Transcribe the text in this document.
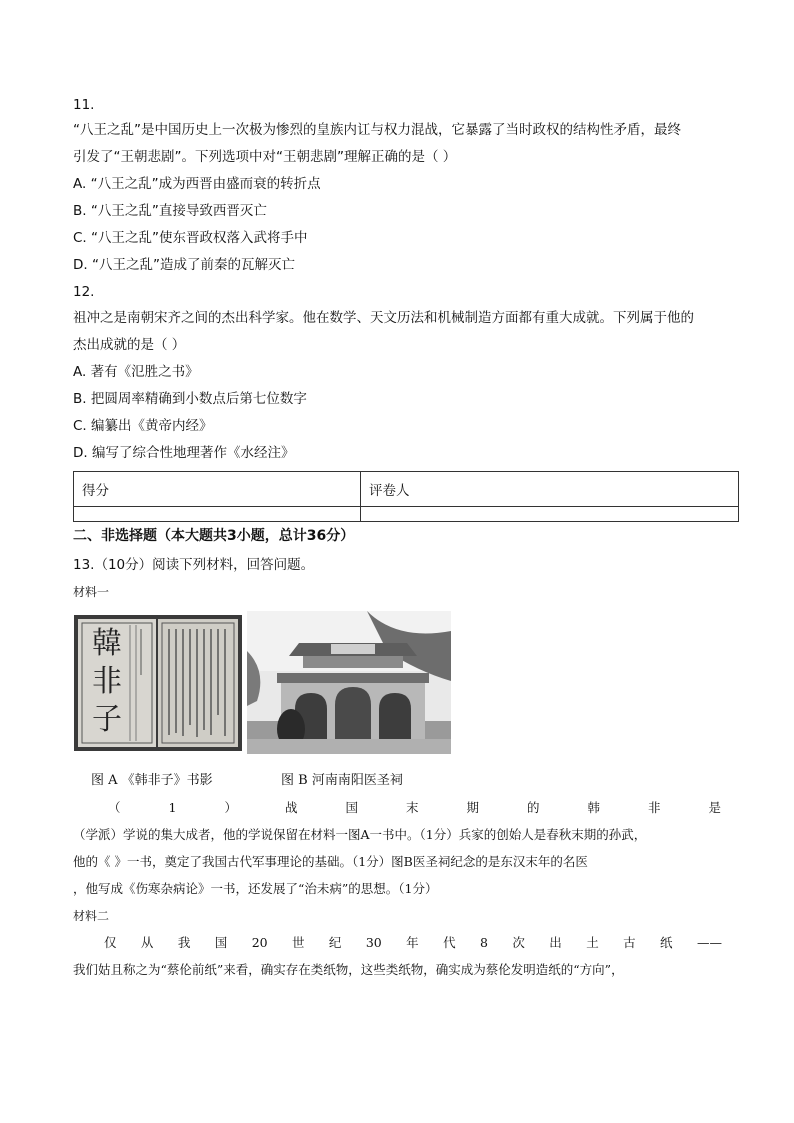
11.
“八王之乱”是中国历史上一次极为惨烈的皇族内讧与权力混战，它暴露了当时政权的结构性矛盾，最终
引发了“王朝悲剧”。下列选项中对“王朝悲剧”理解正确的是（ ）
A. “八王之乱”成为西晋由盛而衰的转折点
B. “八王之乱”直接导致西晋灭亡
C. “八王之乱”使东晋政权落入武将手中
D. “八王之乱”造成了前秦的瓦解灭亡
12.
祖冲之是南朝宋齐之间的杰出科学家。他在数学、天文历法和机械制造方面都有重大成就。下列属于他的
杰出成就的是（ ）
A. 著有《氾胜之书》
B. 把圆周率精确到小数点后第七位数字
C. 编纂出《黄帝内经》
D. 编写了综合性地理著作《水经注》
得分	评卷人

二、非选择题（本大题共3小题，总计36分）
13.（10分）阅读下列材料，回答问题。
材料一
韓非子
图 A 《韩非子》书影	图 B 河南南阳医圣祠
（	1	）	战	国	末	期	的	韩	非	是
（学派）学说的集大成者，他的学说保留在材料一图A一书中。（1分）兵家的创始人是春秋末期的孙武，
他的《 》一书，奠定了我国古代军事理论的基础。（1分）图B医圣祠纪念的是东汉末年的名医
，他写成《伤寒杂病论》一书，还发展了“治未病”的思想。（1分）
材料二
仅 从 我 国 20 世 纪 30 年 代 8 次 出 土 古 纸 ——
我们姑且称之为“蔡伦前纸”来看，确实存在类纸物，这些类纸物，确实成为蔡伦发明造纸的“方向”，
